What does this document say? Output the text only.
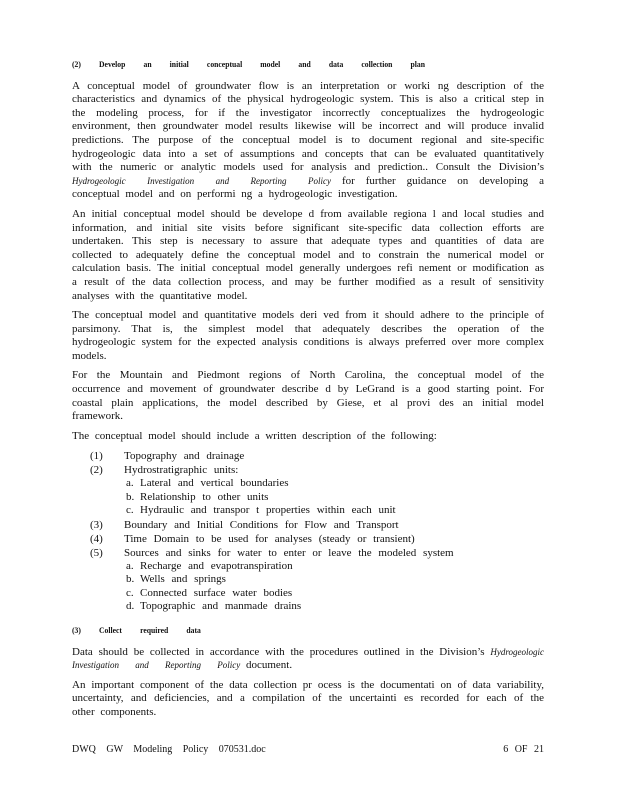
(2) Develop an initial conceptual model and data collection plan

A conceptual model of groundwater flow is an interpretation or worki ng description of the characteristics and dynamics of the physical hydrogeologic system. This is also a critical step in the modeling process, for if the investigator incorrectly conceptualizes the hydrogeologic environment, then groundwater model results likewise will be incorrect and will produce invalid predictions. The purpose of the conceptual model is to document regional and site-specific hydrogeologic data into a set of assumptions and concepts that can be evaluated quantitatively with the numeric or analytic models used for analysis and prediction.. Consult the Division’s Hydrogeologic Investigation and Reporting Policy for further guidance on developing a conceptual model and on performi ng a hydrogeologic investigation.

An initial conceptual model should be develope d from available regiona l and local studies and information, and initial site visits before significant site-specific data collection efforts are undertaken. This step is necessary to assure that adequate types and quantities of data are collected to adequately define the conceptual model and to constrain the numerical model or calculation basis. The initial conceptual model generally undergoes refi nement or modification as a result of the data collection process, and may be further modified as a result of sensitivity analyses with the quantitative model.

The conceptual model and quantitative models deri ved from it should adhere to the principle of parsimony. That is, the simplest model that adequately describes the operation of the hydrogeologic system for the expected analysis conditions is always preferred over more complex models.

For the Mountain and Piedmont regions of North Carolina, the conceptual model of the occurrence and movement of groundwater describe d by LeGrand is a good starting point. For coastal plain applications, the model described by Giese, et al provi des an initial model framework.

The conceptual model should include a written description of the following:

(1) Topography and drainage
(2) Hydrostratigraphic units:
a. Lateral and vertical boundaries
b. Relationship to other units
c. Hydraulic and transpor t properties within each unit
(3) Boundary and Initial Conditions for Flow and Transport
(4) Time Domain to be used for analyses (steady or transient)
(5) Sources and sinks for water to enter or leave the modeled system
a. Recharge and evapotranspiration
b. Wells and springs
c. Connected surface water bodies
d. Topographic and manmade drains
(3) Collect required data

Data should be collected in accordance with the procedures outlined in the Division’s Hydrogeologic Investigation and Reporting Policy document.

An important component of the data collection pr ocess is the documentati on of data variability, uncertainty, and deficiencies, and a compilation of the uncertainti es recorded for each of the other components.

DWQ GW Modeling Policy 070531.doc	6 OF 21
